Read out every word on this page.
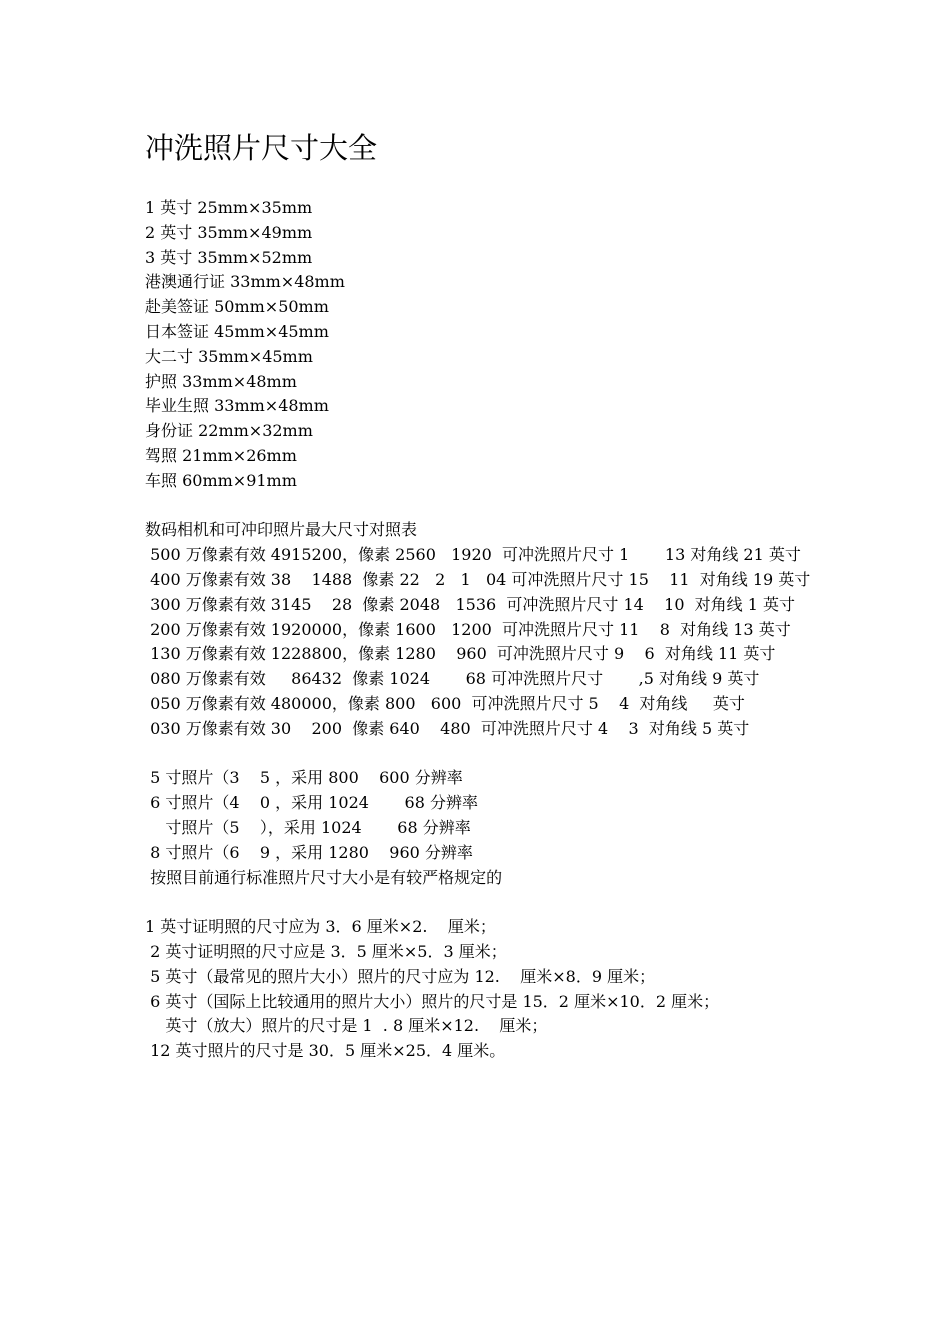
冲洗照片尺寸大全

1 英寸 25mm×35mm

2 英寸 35mm×49mm

3 英寸 35mm×52mm

港澳通行证 33mm×48mm

赴美签证 50mm×50mm

日本签证 45mm×45mm

大二寸 35mm×45mm

护照 33mm×48mm

毕业生照 33mm×48mm

身份证 22mm×32mm

驾照 21mm×26mm

车照 60mm×91mm

数码相机和可冲印照片最大尺寸对照表

500 万像素有效 4915200，像素 2560   1920  可冲洗照片尺寸 1       13 对角线 21 英寸

400 万像素有效 38    1488  像素 22   2   1   04 可冲洗照片尺寸 15    11  对角线 19 英寸

300 万像素有效 3145    28  像素 2048   1536  可冲洗照片尺寸 14    10  对角线 1 英寸

200 万像素有效 1920000，像素 1600   1200  可冲洗照片尺寸 11    8  对角线 13 英寸

130 万像素有效 1228800，像素 1280    960  可冲洗照片尺寸 9    6  对角线 11 英寸

080 万像素有效     86432  像素 1024       68 可冲洗照片尺寸       ,5 对角线 9 英寸

050 万像素有效 480000，像素 800   600  可冲洗照片尺寸 5    4  对角线     英寸

030 万像素有效 30    200  像素 640    480  可冲洗照片尺寸 4    3  对角线 5 英寸

5 寸照片（3    5 ，采用 800    600 分辨率

6 寸照片（4    0 ，采用 1024       68 分辨率

寸照片（5    ），采用 1024       68 分辨率

8 寸照片（6    9 ，采用 1280    960 分辨率

按照目前通行标准照片尺寸大小是有较严格规定的

1 英寸证明照的尺寸应为 3．6 厘米×2.    厘米；

2 英寸证明照的尺寸应是 3．5 厘米×5．3 厘米；

5 英寸（最常见的照片大小）照片的尺寸应为 12.    厘米×8．9 厘米；

6 英寸（国际上比较通用的照片大小）照片的尺寸是 15．2 厘米×10．2 厘米；

英寸（放大）照片的尺寸是 1  . 8 厘米×12.    厘米；

12 英寸照片的尺寸是 30．5 厘米×25．4 厘米。
